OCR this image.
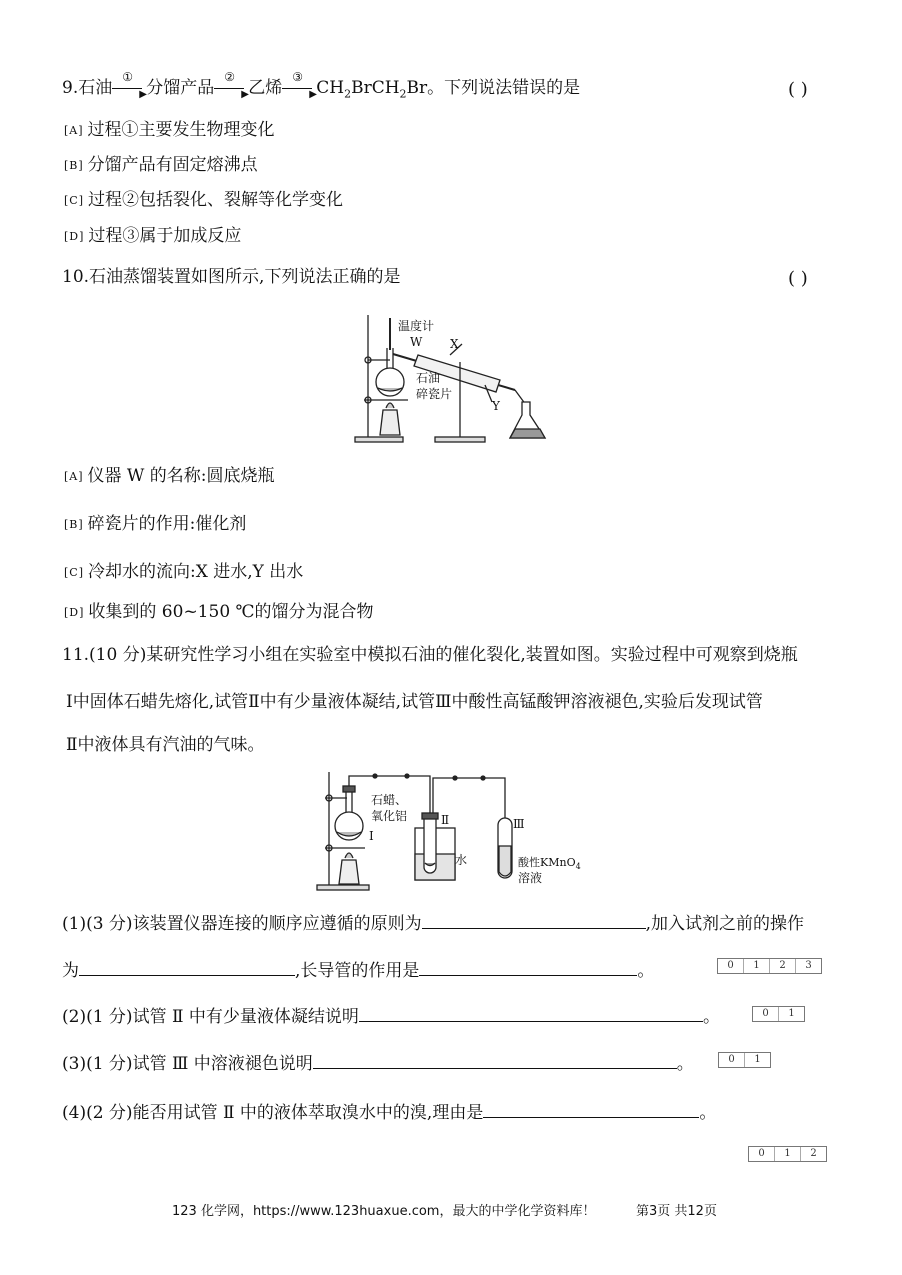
9.石油
①
▶ 分馏产品
②
▶ 乙烯
③
▶ $CH_2BrCH_2Br$。下列说法错误的是	( )
[A] 过程①主要发生物理变化
[B] 分馏产品有固定熔沸点
[C] 过程②包括裂化、裂解等化学变化
[D] 过程③属于加成反应
10.石油蒸馏装置如图所示,下列说法正确的是	( )
温度计
W X
石油
碎瓷片
Y
[A] 仪器 W 的名称:圆底烧瓶
[B] 碎瓷片的作用:催化剂
[C] 冷却水的流向:X 进水,Y 出水
[D] 收集到的 60~150 ℃的馏分为混合物
11.(10 分)某研究性学习小组在实验室中模拟石油的催化裂化,装置如图。实验过程中可观察到烧瓶
Ⅰ中固体石蜡先熔化,试管Ⅱ中有少量液体凝结,试管Ⅲ中酸性高锰酸钾溶液褪色,实验后发现试管
Ⅱ中液体具有汽油的气味。
石蜡、
氧化铝
Ⅰ
Ⅱ
水
Ⅲ
酸性KMnO$_4$
溶液
(1)(3 分)该装置仪器连接的顺序应遵循的原则为	,加入试剂之前的操作
为	,长导管的作用是	。	0	1	2	3
(2)(1 分)试管 Ⅱ 中有少量液体凝结说明	。	0	1
(3)(1 分)试管 Ⅲ 中溶液褪色说明	。	0	1
(4)(2 分)能否用试管 Ⅱ 中的液体萃取溴水中的溴,理由是	。
0	1	2
123 化学网，https://www.123huaxue.com，最大的中学化学资料库！	第3页 共12页
